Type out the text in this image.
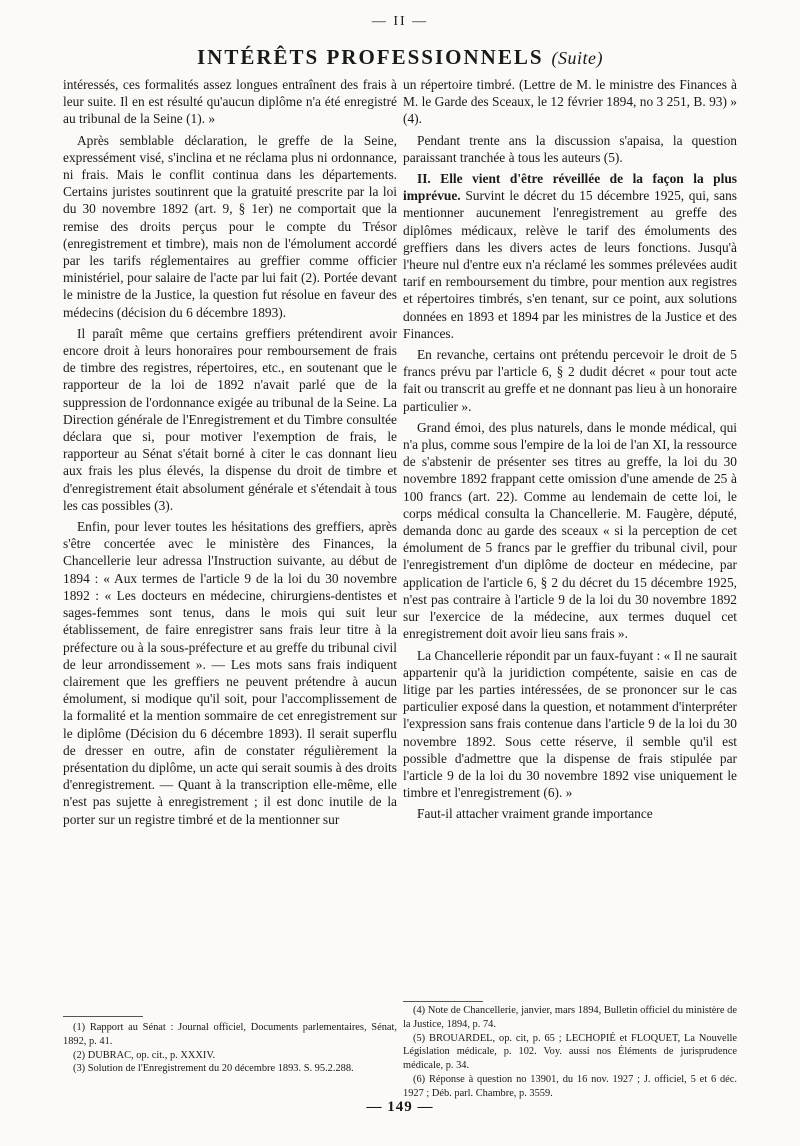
— II —
INTÉRÊTS PROFESSIONNELS (Suite)

intéressés, ces formalités assez longues entraînent des frais à leur suite. Il en est résulté qu'aucun diplôme n'a été enregistré au tribunal de la Seine (1). »

Après semblable déclaration, le greffe de la Seine, expressément visé, s'inclina et ne réclama plus ni ordonnance, ni frais. Mais le conflit continua dans les départements. Certains juristes soutinrent que la gratuité prescrite par la loi du 30 novembre 1892 (art. 9, § 1er) ne comportait que la remise des droits perçus pour le compte du Trésor (enregistrement et timbre), mais non de l'émolument accordé par les tarifs réglementaires au greffier comme officier ministériel, pour salaire de l'acte par lui fait (2). Portée devant le ministre de la Justice, la question fut résolue en faveur des médecins (décision du 6 décembre 1893).

Il paraît même que certains greffiers prétendirent avoir encore droit à leurs honoraires pour remboursement de frais de timbre des registres, répertoires, etc., en soutenant que le rapporteur de la loi de 1892 n'avait parlé que de la suppression de l'ordonnance exigée au tribunal de la Seine. La Direction générale de l'Enregistrement et du Timbre consultée déclara que si, pour motiver l'exemption de frais, le rapporteur au Sénat s'était borné à citer le cas donnant lieu aux frais les plus élevés, la dispense du droit de timbre et d'enregistrement était absolument générale et s'étendait à tous les cas possibles (3).

Enfin, pour lever toutes les hésitations des greffiers, après s'être concertée avec le ministère des Finances, la Chancellerie leur adressa l'Instruction suivante, au début de 1894 : « Aux termes de l'article 9 de la loi du 30 novembre 1892 : « Les docteurs en médecine, chirurgiens-dentistes et sages-femmes sont tenus, dans le mois qui suit leur établissement, de faire enregistrer sans frais leur titre à la préfecture ou à la sous-préfecture et au greffe du tribunal civil de leur arrondissement ». — Les mots sans frais indiquent clairement que les greffiers ne peuvent prétendre à aucun émolument, si modique qu'il soit, pour l'accomplissement de la formalité et la mention sommaire de cet enregistrement sur le diplôme (Décision du 6 décembre 1893). Il serait superflu de dresser en outre, afin de constater régulièrement la présentation du diplôme, un acte qui serait soumis à des droits d'enregistrement. — Quant à la transcription elle-même, elle n'est pas sujette à enregistrement ; il est donc inutile de la porter sur un registre timbré et de la mentionner sur

un répertoire timbré. (Lettre de M. le ministre des Finances à M. le Garde des Sceaux, le 12 février 1894, no 3 251, B. 93) » (4).

Pendant trente ans la discussion s'apaisa, la question paraissant tranchée à tous les auteurs (5).

II. Elle vient d'être réveillée de la façon la plus imprévue. Survint le décret du 15 décembre 1925, qui, sans mentionner aucunement l'enregistrement au greffe des diplômes médicaux, relève le tarif des émoluments des greffiers dans les divers actes de leurs fonctions. Jusqu'à l'heure nul d'entre eux n'a réclamé les sommes prélevées audit tarif en remboursement du timbre, pour mention aux registres et répertoires timbrés, s'en tenant, sur ce point, aux solutions données en 1893 et 1894 par les ministres de la Justice et des Finances.

En revanche, certains ont prétendu percevoir le droit de 5 francs prévu par l'article 6, § 2 dudit décret « pour tout acte fait ou transcrit au greffe et ne donnant pas lieu à un honoraire particulier ».

Grand émoi, des plus naturels, dans le monde médical, qui n'a plus, comme sous l'empire de la loi de l'an XI, la ressource de s'abstenir de présenter ses titres au greffe, la loi du 30 novembre 1892 frappant cette omission d'une amende de 25 à 100 francs (art. 22). Comme au lendemain de cette loi, le corps médical consulta la Chancellerie. M. Faugère, député, demanda donc au garde des sceaux « si la perception de cet émolument de 5 francs par le greffier du tribunal civil, pour l'enregistrement d'un diplôme de docteur en médecine, par application de l'article 6, § 2 du décret du 15 décembre 1925, n'est pas contraire à l'article 9 de la loi du 30 novembre 1892 sur l'exercice de la médecine, aux termes duquel cet enregistrement doit avoir lieu sans frais ».

La Chancellerie répondit par un faux-fuyant : « Il ne saurait appartenir qu'à la juridiction compétente, saisie en cas de litige par les parties intéressées, de se prononcer sur le cas particulier exposé dans la question, et notamment d'interpréter l'expression sans frais contenue dans l'article 9 de la loi du 30 novembre 1892. Sous cette réserve, il semble qu'il est possible d'admettre que la dispense de frais stipulée par l'article 9 de la loi du 30 novembre 1892 vise uniquement le timbre et l'enregistrement (6). »

Faut-il attacher vraiment grande importance

(1) Rapport au Sénat : Journal officiel, Documents parlementaires, Sénat, 1892, p. 41.
(2) DUBRAC, op. cit., p. XXXIV.
(3) Solution de l'Enregistrement du 20 décembre 1893. S. 95.2.288.
(4) Note de Chancellerie, janvier, mars 1894, Bulletin officiel du ministère de la Justice, 1894, p. 74.
(5) BROUARDEL, op. cit, p. 65 ; LECHOPIÉ et FLOQUET, La Nouvelle Législation médicale, p. 102. Voy. aussi nos Éléments de jurisprudence médicale, p. 34.
(6) Réponse à question no 13901, du 16 nov. 1927 ; J. officiel, 5 et 6 déc. 1927 ; Déb. parl. Chambre, p. 3559.
— 149 —
